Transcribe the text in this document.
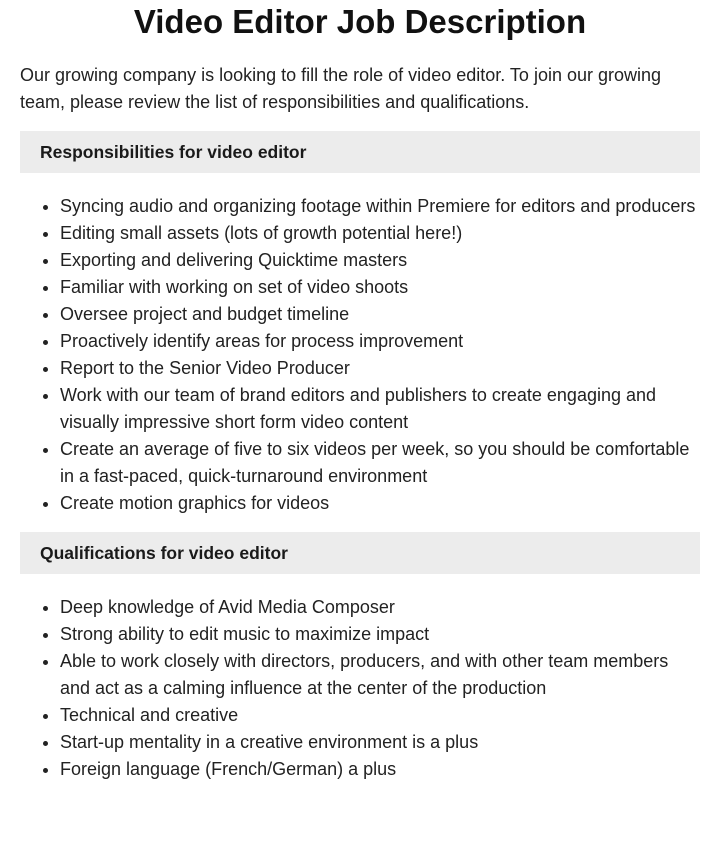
Video Editor Job Description

Our growing company is looking to fill the role of video editor. To join our growing team, please review the list of responsibilities and qualifications.

Responsibilities for video editor
• Syncing audio and organizing footage within Premiere for editors and producers
• Editing small assets (lots of growth potential here!)
• Exporting and delivering Quicktime masters
• Familiar with working on set of video shoots
• Oversee project and budget timeline
• Proactively identify areas for process improvement
• Report to the Senior Video Producer
• Work with our team of brand editors and publishers to create engaging and visually impressive short form video content
• Create an average of five to six videos per week, so you should be comfortable in a fast-paced, quick-turnaround environment
• Create motion graphics for videos
Qualifications for video editor
• Deep knowledge of Avid Media Composer
• Strong ability to edit music to maximize impact
• Able to work closely with directors, producers, and with other team members and act as a calming influence at the center of the production
• Technical and creative
• Start-up mentality in a creative environment is a plus
• Foreign language (French/German) a plus
